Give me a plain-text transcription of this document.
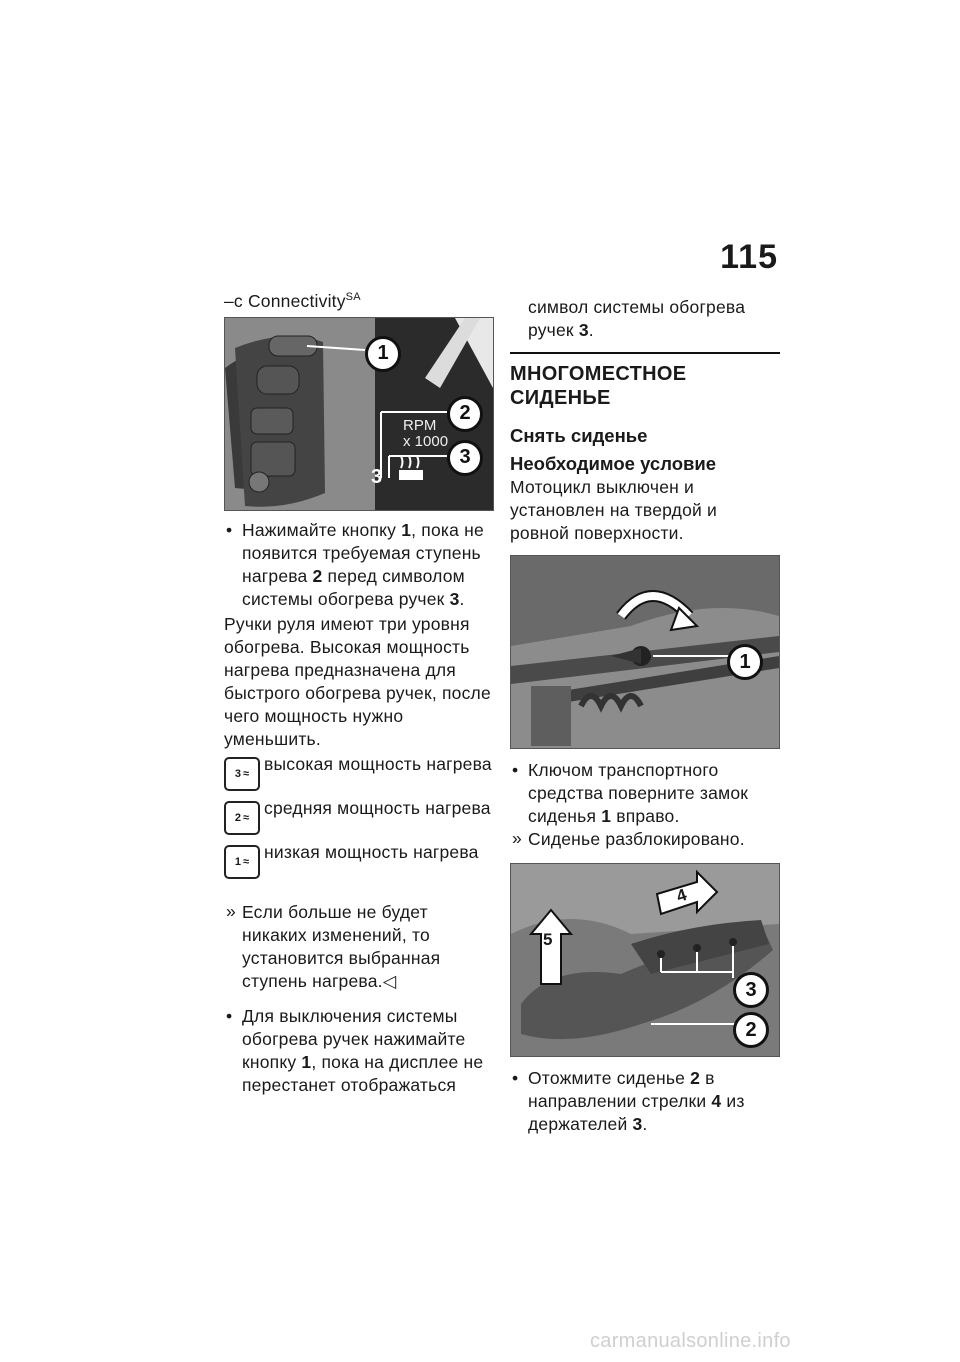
115
–с Connectivity$^{SA}$
RPM
x 1000
3
1
2
3
• Нажимайте кнопку 1, пока не появится требуемая ступень нагрева 2 перед символом системы обогрева ручек 3.
Ручки руля имеют три уровня обогрева. Высокая мощность нагрева предназначена для быстрого обогрева ручек, после чего мощность нужно уменьшить.
3 ≈ высокая мощность нагрева
2 ≈ средняя мощность нагрева
1 ≈ низкая мощность нагрева
» Если больше не будет никаких изменений, то установится выбранная ступень нагрева.◁
• Для выключения системы обогрева ручек нажимайте кнопку 1, пока на дисплее не перестанет отображаться
символ системы обогрева ручек 3.
МНОГОМЕСТНОЕ СИДЕНЬЕ
Снять сиденье
Необходимое условие
Мотоцикл выключен и установлен на твердой и ровной поверхности.
1
• Ключом транспортного средства поверните замок сиденья 1 вправо.
» Сиденье разблокировано.
4
5
3
2
• Отожмите сиденье 2 в направлении стрелки 4 из держателей 3.
carmanualsonline.info
